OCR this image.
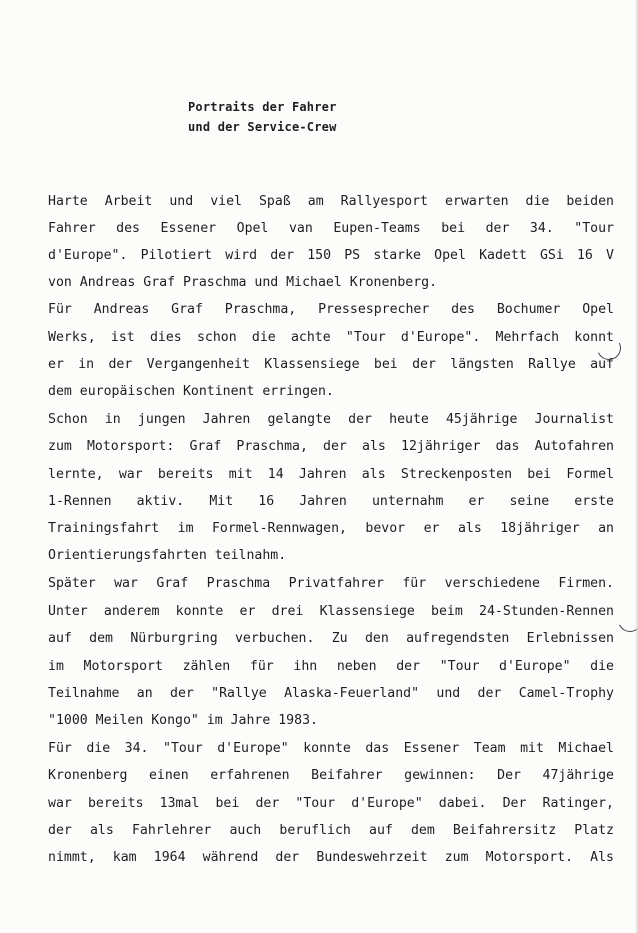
Portraits der Fahrer
und der Service-Crew
Harte Arbeit und viel Spaß am Rallyesport erwarten die beiden
Fahrer des Essener Opel van Eupen-Teams bei der 34. "Tour
d'Europe". Pilotiert wird der 150 PS starke Opel Kadett GSi 16 V
von Andreas Graf Praschma und Michael Kronenberg.
Für Andreas Graf Praschma, Pressesprecher des Bochumer Opel
Werks, ist dies schon die achte "Tour d'Europe". Mehrfach konnt
er in der Vergangenheit Klassensiege bei der längsten Rallye auf
dem europäischen Kontinent erringen.
Schon in jungen Jahren gelangte der heute 45jährige Journalist
zum Motorsport: Graf Praschma, der als 12jähriger das Autofahren
lernte, war bereits mit 14 Jahren als Streckenposten bei Formel
1-Rennen aktiv. Mit 16 Jahren unternahm er seine erste
Trainingsfahrt im Formel-Rennwagen, bevor er als 18jähriger an
Orientierungsfahrten teilnahm.
Später war Graf Praschma Privatfahrer für verschiedene Firmen.
Unter anderem konnte er drei Klassensiege beim 24-Stunden-Rennen
auf dem Nürburgring verbuchen. Zu den aufregendsten Erlebnissen
im Motorsport zählen für ihn neben der "Tour d'Europe" die
Teilnahme an der "Rallye Alaska-Feuerland" und der Camel-Trophy
"1000 Meilen Kongo" im Jahre 1983.
Für die 34. "Tour d'Europe" konnte das Essener Team mit Michael
Kronenberg einen erfahrenen Beifahrer gewinnen: Der 47jährige
war bereits 13mal bei der "Tour d'Europe" dabei. Der Ratinger,
der als Fahrlehrer auch beruflich auf dem Beifahrersitz Platz
nimmt, kam 1964 während der Bundeswehrzeit zum Motorsport. Als
